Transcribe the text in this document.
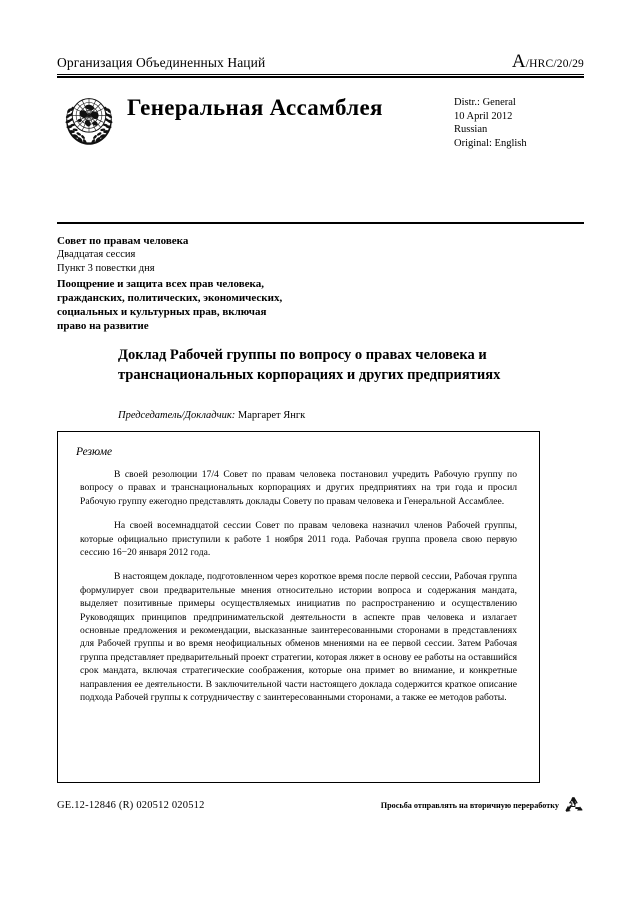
Организация Объединенных Наций	A/HRC/20/29
Генеральная Ассамблея	Distr.: General
10 April 2012
Russian
Original: English
Совет по правам человека
Двадцатая сессия
Пункт 3 повестки дня
Поощрение и защита всех прав человека,
гражданских, политических, экономических,
социальных и культурных прав, включая
право на развитие
Доклад Рабочей группы по вопросу о правах человека и транснациональных корпорациях и других предприятиях
Председатель/Докладчик: Маргарет Янгк
Резюме

В своей резолюции 17/4 Совет по правам человека постановил учредить Рабочую группу по вопросу о правах и транснациональных корпорациях и других предприятиях на три года и просил Рабочую группу ежегодно представлять доклады Совету по правам человека и Генеральной Ассамблее.

На своей восемнадцатой сессии Совет по правам человека назначил членов Рабочей группы, которые официально приступили к работе 1 ноября 2011 года. Рабочая группа провела свою первую сессию 16−20 января 2012 года.

В настоящем докладе, подготовленном через короткое время после первой сессии, Рабочая группа формулирует свои предварительные мнения относительно истории вопроса и содержания мандата, выделяет позитивные примеры осуществляемых инициатив по распространению и осуществлению Руководящих принципов предпринимательской деятельности в аспекте прав человека и излагает основные предложения и рекомендации, высказанные заинтересованными сторонами в представлениях для Рабочей группы и во время неофициальных обменов мнениями на ее первой сессии. Затем Рабочая группа представляет предварительный проект стратегии, которая ляжет в основу ее работы на оставшийся срок мандата, включая стратегические соображения, которые она примет во внимание, и конкретные направления ее деятельности. В заключительной части настоящего доклада содержится краткое описание подхода Рабочей группы к сотрудничеству с заинтересованными сторонами, а также ее методов работы.

GE.12-12846 (R) 020512 020512	Просьба отправлять на вторичную переработку
